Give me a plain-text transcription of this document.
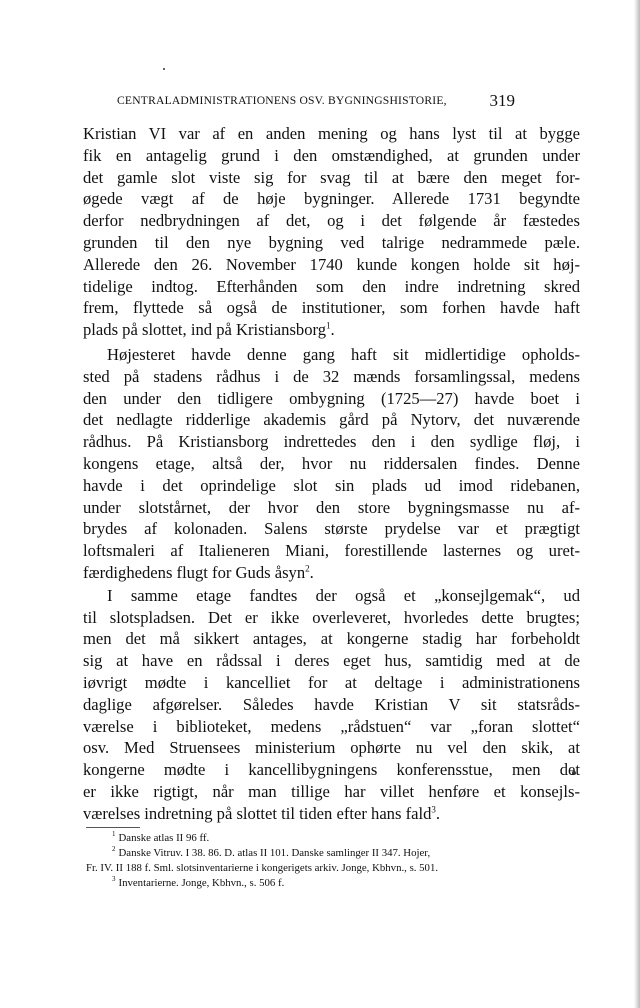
CENTRALADMINISTRATIONENS OSV. BYGNINGSHISTORIE,	319
Kristian VI var af en anden mening og hans lyst til at bygge
fik en antagelig grund i den omstændighed, at grunden under
det gamle slot viste sig for svag til at bære den meget for-
øgede vægt af de høje bygninger. Allerede 1731 begyndte
derfor nedbrydningen af det, og i det følgende år fæstedes
grunden til den nye bygning ved talrige nedrammede pæle.
Allerede den 26. November 1740 kunde kongen holde sit høj-
tidelige indtog. Efterhånden som den indre indretning skred
frem, flyttede så også de institutioner, som forhen havde haft
plads på slottet, ind på Kristiansborg$^1$.
Højesteret havde denne gang haft sit midlertidige opholds-
sted på stadens rådhus i de 32 mænds forsamlingssal, medens
den under den tidligere ombygning (1725—27) havde boet i
det nedlagte ridderlige akademis gård på Nytorv, det nuværende
rådhus. På Kristiansborg indrettedes den i den sydlige fløj, i
kongens etage, altså der, hvor nu riddersalen findes. Denne
havde i det oprindelige slot sin plads ud imod ridebanen,
under slotstårnet, der hvor den store bygningsmasse nu af-
brydes af kolonaden. Salens største prydelse var et prægtigt
loftsmaleri af Italieneren Miani, forestillende lasternes og uret-
færdighedens flugt for Guds åsyn$^2$.
I samme etage fandtes der også et „konsejlgemak“, ud
til slotspladsen. Det er ikke overleveret, hvorledes dette brugtes;
men det må sikkert antages, at kongerne stadig har forbeholdt
sig at have en rådssal i deres eget hus, samtidig med at de
iøvrigt mødte i kancelliet for at deltage i administrationens
daglige afgørelser. Således havde Kristian V sit statsråds-
værelse i biblioteket, medens „rådstuen“ var „foran slottet“
osv. Med Struensees ministerium ophørte nu vel den skik, at
kongerne mødte i kancellibygningens konferensstue, men det
er ikke rigtigt, når man tillige har villet henføre et konsejls-
værelses indretning på slottet til tiden efter hans fald$^3$.
$^1$ Danske atlas II 96 ff.
$^2$ Danske Vitruv. I 38. 86. D. atlas II 101. Danske samlinger II 347. Hojer,
Fr. IV. II 188 f. Sml. slotsinventarierne i kongerigets arkiv. Jonge, Kbhvn., s. 501.
$^3$ Inventarierne. Jonge, Kbhvn., s. 506 f.
